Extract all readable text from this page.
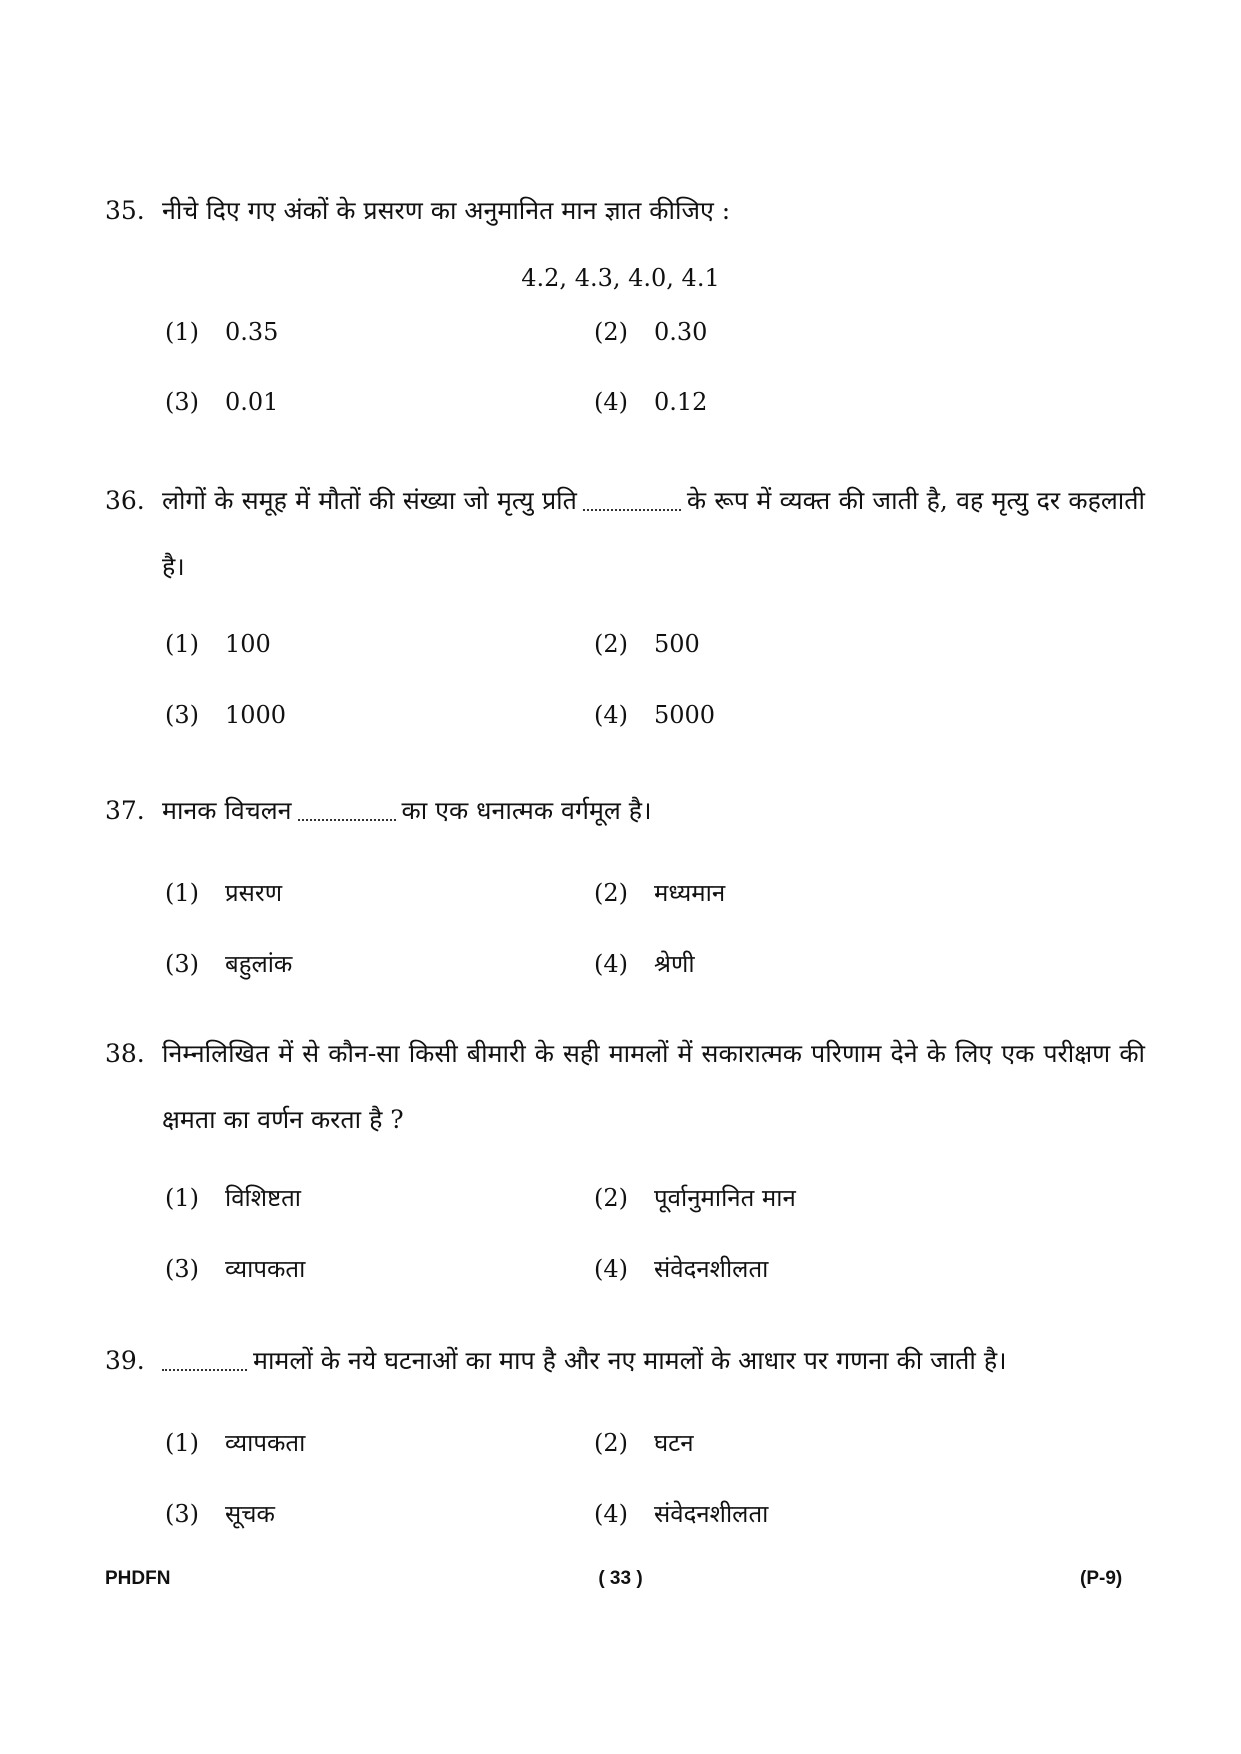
35. नीचे दिए गए अंकों के प्रसरण का अनुमानित मान ज्ञात कीजिए :
4.2, 4.3, 4.0, 4.1
(1) 0.35	(2) 0.30
(3) 0.01	(4) 0.12
36. लोगों के समूह में मौतों की संख्या जो मृत्यु प्रति	के रूप में व्यक्त की जाती है, वह मृत्यु दर कहलाती है।
(1) 100	(2) 500
(3) 1000	(4) 5000
37. मानक विचलन	का एक धनात्मक वर्गमूल है।
(1) प्रसरण	(2) मध्यमान
(3) बहुलांक	(4) श्रेणी
38. निम्नलिखित में से कौन-सा किसी बीमारी के सही मामलों में सकारात्मक परिणाम देने के लिए एक परीक्षण की क्षमता का वर्णन करता है ?
(1) विशिष्टता	(2) पूर्वानुमानित मान
(3) व्यापकता	(4) संवेदनशीलता
39.	मामलों के नये घटनाओं का माप है और नए मामलों के आधार पर गणना की जाती है।
(1) व्यापकता	(2) घटन
(3) सूचक	(4) संवेदनशीलता
PHDFN	( 33 )	(P-9)
